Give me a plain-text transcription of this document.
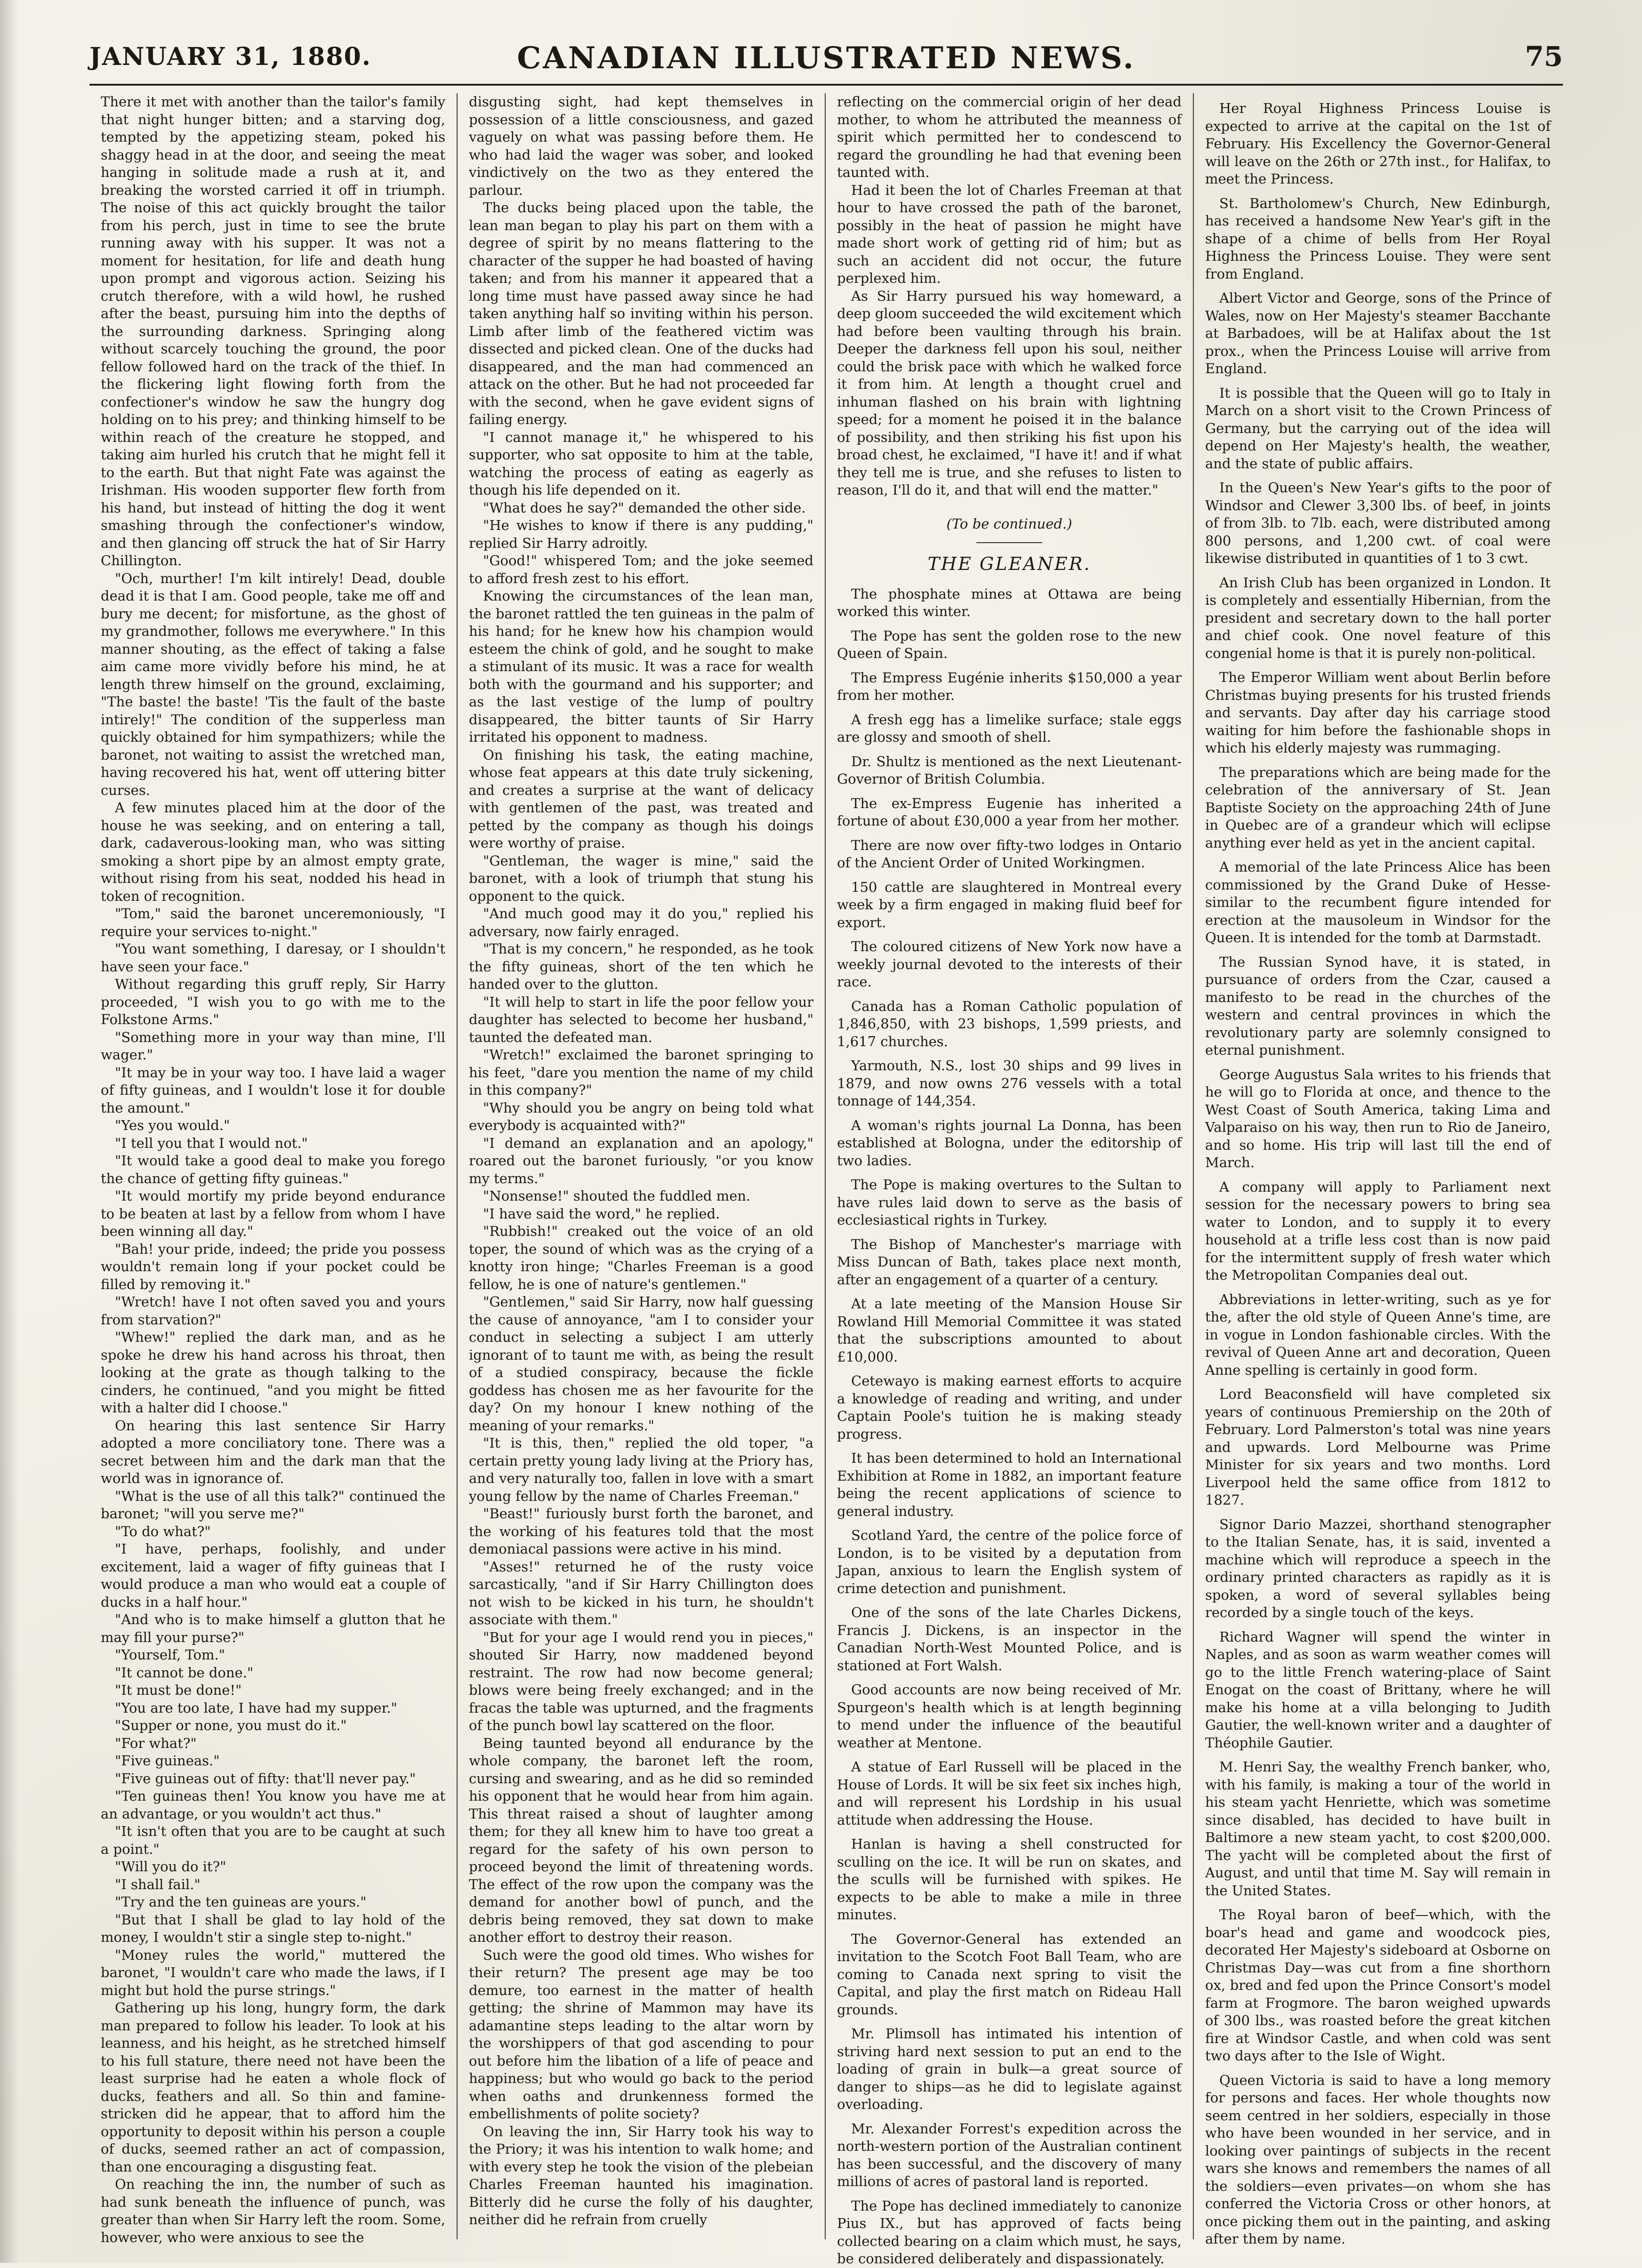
JANUARY 31, 1880.	CANADIAN ILLUSTRATED NEWS.	75

There it met with another than the tailor's family that night hunger bitten; and a starving dog, tempted by the appetizing steam, poked his shaggy head in at the door, and seeing the meat hanging in solitude made a rush at it, and breaking the worsted carried it off in triumph. The noise of this act quickly brought the tailor from his perch, just in time to see the brute running away with his supper. It was not a moment for hesitation, for life and death hung upon prompt and vigorous action. Seizing his crutch therefore, with a wild howl, he rushed after the beast, pursuing him into the depths of the surrounding darkness. Springing along without scarcely touching the ground, the poor fellow followed hard on the track of the thief. In the flickering light flowing forth from the confectioner's window he saw the hungry dog holding on to his prey; and thinking himself to be within reach of the creature he stopped, and taking aim hurled his crutch that he might fell it to the earth. But that night Fate was against the Irishman. His wooden supporter flew forth from his hand, but instead of hitting the dog it went smashing through the confectioner's window, and then glancing off struck the hat of Sir Harry Chillington.

"Och, murther! I'm kilt intirely! Dead, double dead it is that I am. Good people, take me off and bury me decent; for misfortune, as the ghost of my grandmother, follows me everywhere." In this manner shouting, as the effect of taking a false aim came more vividly before his mind, he at length threw himself on the ground, exclaiming, "The baste! the baste! 'Tis the fault of the baste intirely!" The condition of the supperless man quickly obtained for him sympathizers; while the baronet, not waiting to assist the wretched man, having recovered his hat, went off uttering bitter curses.

A few minutes placed him at the door of the house he was seeking, and on entering a tall, dark, cadaverous-looking man, who was sitting smoking a short pipe by an almost empty grate, without rising from his seat, nodded his head in token of recognition.

"Tom," said the baronet unceremoniously, "I require your services to-night."

"You want something, I daresay, or I shouldn't have seen your face."

Without regarding this gruff reply, Sir Harry proceeded, "I wish you to go with me to the Folkstone Arms."

"Something more in your way than mine, I'll wager."

"It may be in your way too. I have laid a wager of fifty guineas, and I wouldn't lose it for double the amount."

"Yes you would."

"I tell you that I would not."

"It would take a good deal to make you forego the chance of getting fifty guineas."

"It would mortify my pride beyond endurance to be beaten at last by a fellow from whom I have been winning all day."

"Bah! your pride, indeed; the pride you possess wouldn't remain long if your pocket could be filled by removing it."

"Wretch! have I not often saved you and yours from starvation?"

"Whew!" replied the dark man, and as he spoke he drew his hand across his throat, then looking at the grate as though talking to the cinders, he continued, "and you might be fitted with a halter did I choose."

On hearing this last sentence Sir Harry adopted a more conciliatory tone. There was a secret between him and the dark man that the world was in ignorance of.

"What is the use of all this talk?" continued the baronet; "will you serve me?"

"To do what?"

"I have, perhaps, foolishly, and under excitement, laid a wager of fifty guineas that I would produce a man who would eat a couple of ducks in a half hour."

"And who is to make himself a glutton that he may fill your purse?"

"Yourself, Tom."

"It cannot be done."

"It must be done!"

"You are too late, I have had my supper."

"Supper or none, you must do it."

"For what?"

"Five guineas."

"Five guineas out of fifty: that'll never pay."

"Ten guineas then! You know you have me at an advantage, or you wouldn't act thus."

"It isn't often that you are to be caught at such a point."

"Will you do it?"

"I shall fail."

"Try and the ten guineas are yours."

"But that I shall be glad to lay hold of the money, I wouldn't stir a single step to-night."

"Money rules the world," muttered the baronet, "I wouldn't care who made the laws, if I might but hold the purse strings."

Gathering up his long, hungry form, the dark man prepared to follow his leader. To look at his leanness, and his height, as he stretched himself to his full stature, there need not have been the least surprise had he eaten a whole flock of ducks, feathers and all. So thin and famine-stricken did he appear, that to afford him the opportunity to deposit within his person a couple of ducks, seemed rather an act of compassion, than one encouraging a disgusting feat.

On reaching the inn, the number of such as had sunk beneath the influence of punch, was greater than when Sir Harry left the room. Some, however, who were anxious to see the

disgusting sight, had kept themselves in possession of a little consciousness, and gazed vaguely on what was passing before them. He who had laid the wager was sober, and looked vindictively on the two as they entered the parlour.

The ducks being placed upon the table, the lean man began to play his part on them with a degree of spirit by no means flattering to the character of the supper he had boasted of having taken; and from his manner it appeared that a long time must have passed away since he had taken anything half so inviting within his person. Limb after limb of the feathered victim was dissected and picked clean. One of the ducks had disappeared, and the man had commenced an attack on the other. But he had not proceeded far with the second, when he gave evident signs of failing energy.

"I cannot manage it," he whispered to his supporter, who sat opposite to him at the table, watching the process of eating as eagerly as though his life depended on it.

"What does he say?" demanded the other side.

"He wishes to know if there is any pudding," replied Sir Harry adroitly.

"Good!" whispered Tom; and the joke seemed to afford fresh zest to his effort.

Knowing the circumstances of the lean man, the baronet rattled the ten guineas in the palm of his hand; for he knew how his champion would esteem the chink of gold, and he sought to make a stimulant of its music. It was a race for wealth both with the gourmand and his supporter; and as the last vestige of the lump of poultry disappeared, the bitter taunts of Sir Harry irritated his opponent to madness.

On finishing his task, the eating machine, whose feat appears at this date truly sickening, and creates a surprise at the want of delicacy with gentlemen of the past, was treated and petted by the company as though his doings were worthy of praise.

"Gentleman, the wager is mine," said the baronet, with a look of triumph that stung his opponent to the quick.

"And much good may it do you," replied his adversary, now fairly enraged.

"That is my concern," he responded, as he took the fifty guineas, short of the ten which he handed over to the glutton.

"It will help to start in life the poor fellow your daughter has selected to become her husband," taunted the defeated man.

"Wretch!" exclaimed the baronet springing to his feet, "dare you mention the name of my child in this company?"

"Why should you be angry on being told what everybody is acquainted with?"

"I demand an explanation and an apology," roared out the baronet furiously, "or you know my terms."

"Nonsense!" shouted the fuddled men.

"I have said the word," he replied.

"Rubbish!" creaked out the voice of an old toper, the sound of which was as the crying of a knotty iron hinge; "Charles Freeman is a good fellow, he is one of nature's gentlemen."

"Gentlemen," said Sir Harry, now half guessing the cause of annoyance, "am I to consider your conduct in selecting a subject I am utterly ignorant of to taunt me with, as being the result of a studied conspiracy, because the fickle goddess has chosen me as her favourite for the day? On my honour I knew nothing of the meaning of your remarks."

"It is this, then," replied the old toper, "a certain pretty young lady living at the Priory has, and very naturally too, fallen in love with a smart young fellow by the name of Charles Freeman."

"Beast!" furiously burst forth the baronet, and the working of his features told that the most demoniacal passions were active in his mind.

"Asses!" returned he of the rusty voice sarcastically, "and if Sir Harry Chillington does not wish to be kicked in his turn, he shouldn't associate with them."

"But for your age I would rend you in pieces," shouted Sir Harry, now maddened beyond restraint. The row had now become general; blows were being freely exchanged; and in the fracas the table was upturned, and the fragments of the punch bowl lay scattered on the floor.

Being taunted beyond all endurance by the whole company, the baronet left the room, cursing and swearing, and as he did so reminded his opponent that he would hear from him again. This threat raised a shout of laughter among them; for they all knew him to have too great a regard for the safety of his own person to proceed beyond the limit of threatening words. The effect of the row upon the company was the demand for another bowl of punch, and the debris being removed, they sat down to make another effort to destroy their reason.

Such were the good old times. Who wishes for their return? The present age may be too demure, too earnest in the matter of health getting; the shrine of Mammon may have its adamantine steps leading to the altar worn by the worshippers of that god ascending to pour out before him the libation of a life of peace and happiness; but who would go back to the period when oaths and drunkenness formed the embellishments of polite society?

On leaving the inn, Sir Harry took his way to the Priory; it was his intention to walk home; and with every step he took the vision of the plebeian Charles Freeman haunted his imagination. Bitterly did he curse the folly of his daughter, neither did he refrain from cruelly

reflecting on the commercial origin of her dead mother, to whom he attributed the meanness of spirit which permitted her to condescend to regard the groundling he had that evening been taunted with.

Had it been the lot of Charles Freeman at that hour to have crossed the path of the baronet, possibly in the heat of passion he might have made short work of getting rid of him; but as such an accident did not occur, the future perplexed him.

As Sir Harry pursued his way homeward, a deep gloom succeeded the wild excitement which had before been vaulting through his brain. Deeper the darkness fell upon his soul, neither could the brisk pace with which he walked force it from him. At length a thought cruel and inhuman flashed on his brain with lightning speed; for a moment he poised it in the balance of possibility, and then striking his fist upon his broad chest, he exclaimed, "I have it! and if what they tell me is true, and she refuses to listen to reason, I'll do it, and that will end the matter."

(To be continued.)
THE GLEANER.

The phosphate mines at Ottawa are being worked this winter.

The Pope has sent the golden rose to the new Queen of Spain.

The Empress Eugénie inherits $150,000 a year from her mother.

A fresh egg has a limelike surface; stale eggs are glossy and smooth of shell.

Dr. Shultz is mentioned as the next Lieutenant-Governor of British Columbia.

The ex-Empress Eugenie has inherited a fortune of about £30,000 a year from her mother.

There are now over fifty-two lodges in Ontario of the Ancient Order of United Workingmen.

150 cattle are slaughtered in Montreal every week by a firm engaged in making fluid beef for export.

The coloured citizens of New York now have a weekly journal devoted to the interests of their race.

Canada has a Roman Catholic population of 1,846,850, with 23 bishops, 1,599 priests, and 1,617 churches.

Yarmouth, N.S., lost 30 ships and 99 lives in 1879, and now owns 276 vessels with a total tonnage of 144,354.

A woman's rights journal La Donna, has been established at Bologna, under the editorship of two ladies.

The Pope is making overtures to the Sultan to have rules laid down to serve as the basis of ecclesiastical rights in Turkey.

The Bishop of Manchester's marriage with Miss Duncan of Bath, takes place next month, after an engagement of a quarter of a century.

At a late meeting of the Mansion House Sir Rowland Hill Memorial Committee it was stated that the subscriptions amounted to about £10,000.

Cetewayo is making earnest efforts to acquire a knowledge of reading and writing, and under Captain Poole's tuition he is making steady progress.

It has been determined to hold an International Exhibition at Rome in 1882, an important feature being the recent applications of science to general industry.

Scotland Yard, the centre of the police force of London, is to be visited by a deputation from Japan, anxious to learn the English system of crime detection and punishment.

One of the sons of the late Charles Dickens, Francis J. Dickens, is an inspector in the Canadian North-West Mounted Police, and is stationed at Fort Walsh.

Good accounts are now being received of Mr. Spurgeon's health which is at length beginning to mend under the influence of the beautiful weather at Mentone.

A statue of Earl Russell will be placed in the House of Lords. It will be six feet six inches high, and will represent his Lordship in his usual attitude when addressing the House.

Hanlan is having a shell constructed for sculling on the ice. It will be run on skates, and the sculls will be furnished with spikes. He expects to be able to make a mile in three minutes.

The Governor-General has extended an invitation to the Scotch Foot Ball Team, who are coming to Canada next spring to visit the Capital, and play the first match on Rideau Hall grounds.

Mr. Plimsoll has intimated his intention of striving hard next session to put an end to the loading of grain in bulk—a great source of danger to ships—as he did to legislate against overloading.

Mr. Alexander Forrest's expedition across the north-western portion of the Australian continent has been successful, and the discovery of many millions of acres of pastoral land is reported.

The Pope has declined immediately to canonize Pius IX., but has approved of facts being collected bearing on a claim which must, he says, be considered deliberately and dispassionately.

Her Royal Highness Princess Louise is expected to arrive at the capital on the 1st of February. His Excellency the Governor-General will leave on the 26th or 27th inst., for Halifax, to meet the Princess.

St. Bartholomew's Church, New Edinburgh, has received a handsome New Year's gift in the shape of a chime of bells from Her Royal Highness the Princess Louise. They were sent from England.

Albert Victor and George, sons of the Prince of Wales, now on Her Majesty's steamer Bacchante at Barbadoes, will be at Halifax about the 1st prox., when the Princess Louise will arrive from England.

It is possible that the Queen will go to Italy in March on a short visit to the Crown Princess of Germany, but the carrying out of the idea will depend on Her Majesty's health, the weather, and the state of public affairs.

In the Queen's New Year's gifts to the poor of Windsor and Clewer 3,300 lbs. of beef, in joints of from 3lb. to 7lb. each, were distributed among 800 persons, and 1,200 cwt. of coal were likewise distributed in quantities of 1 to 3 cwt.

An Irish Club has been organized in London. It is completely and essentially Hibernian, from the president and secretary down to the hall porter and chief cook. One novel feature of this congenial home is that it is purely non-political.

The Emperor William went about Berlin before Christmas buying presents for his trusted friends and servants. Day after day his carriage stood waiting for him before the fashionable shops in which his elderly majesty was rummaging.

The preparations which are being made for the celebration of the anniversary of St. Jean Baptiste Society on the approaching 24th of June in Quebec are of a grandeur which will eclipse anything ever held as yet in the ancient capital.

A memorial of the late Princess Alice has been commissioned by the Grand Duke of Hesse-similar to the recumbent figure intended for erection at the mausoleum in Windsor for the Queen. It is intended for the tomb at Darmstadt.

The Russian Synod have, it is stated, in pursuance of orders from the Czar, caused a manifesto to be read in the churches of the western and central provinces in which the revolutionary party are solemnly consigned to eternal punishment.

George Augustus Sala writes to his friends that he will go to Florida at once, and thence to the West Coast of South America, taking Lima and Valparaiso on his way, then run to Rio de Janeiro, and so home. His trip will last till the end of March.

A company will apply to Parliament next session for the necessary powers to bring sea water to London, and to supply it to every household at a trifle less cost than is now paid for the intermittent supply of fresh water which the Metropolitan Companies deal out.

Abbreviations in letter-writing, such as ye for the, after the old style of Queen Anne's time, are in vogue in London fashionable circles. With the revival of Queen Anne art and decoration, Queen Anne spelling is certainly in good form.

Lord Beaconsfield will have completed six years of continuous Premiership on the 20th of February. Lord Palmerston's total was nine years and upwards. Lord Melbourne was Prime Minister for six years and two months. Lord Liverpool held the same office from 1812 to 1827.

Signor Dario Mazzei, shorthand stenographer to the Italian Senate, has, it is said, invented a machine which will reproduce a speech in the ordinary printed characters as rapidly as it is spoken, a word of several syllables being recorded by a single touch of the keys.

Richard Wagner will spend the winter in Naples, and as soon as warm weather comes will go to the little French watering-place of Saint Enogat on the coast of Brittany, where he will make his home at a villa belonging to Judith Gautier, the well-known writer and a daughter of Théophile Gautier.

M. Henri Say, the wealthy French banker, who, with his family, is making a tour of the world in his steam yacht Henriette, which was sometime since disabled, has decided to have built in Baltimore a new steam yacht, to cost $200,000. The yacht will be completed about the first of August, and until that time M. Say will remain in the United States.

The Royal baron of beef—which, with the boar's head and game and woodcock pies, decorated Her Majesty's sideboard at Osborne on Christmas Day—was cut from a fine shorthorn ox, bred and fed upon the Prince Consort's model farm at Frogmore. The baron weighed upwards of 300 lbs., was roasted before the great kitchen fire at Windsor Castle, and when cold was sent two days after to the Isle of Wight.

Queen Victoria is said to have a long memory for persons and faces. Her whole thoughts now seem centred in her soldiers, especially in those who have been wounded in her service, and in looking over paintings of subjects in the recent wars she knows and remembers the names of all the soldiers—even privates—on whom she has conferred the Victoria Cross or other honors, at once picking them out in the painting, and asking after them by name.
